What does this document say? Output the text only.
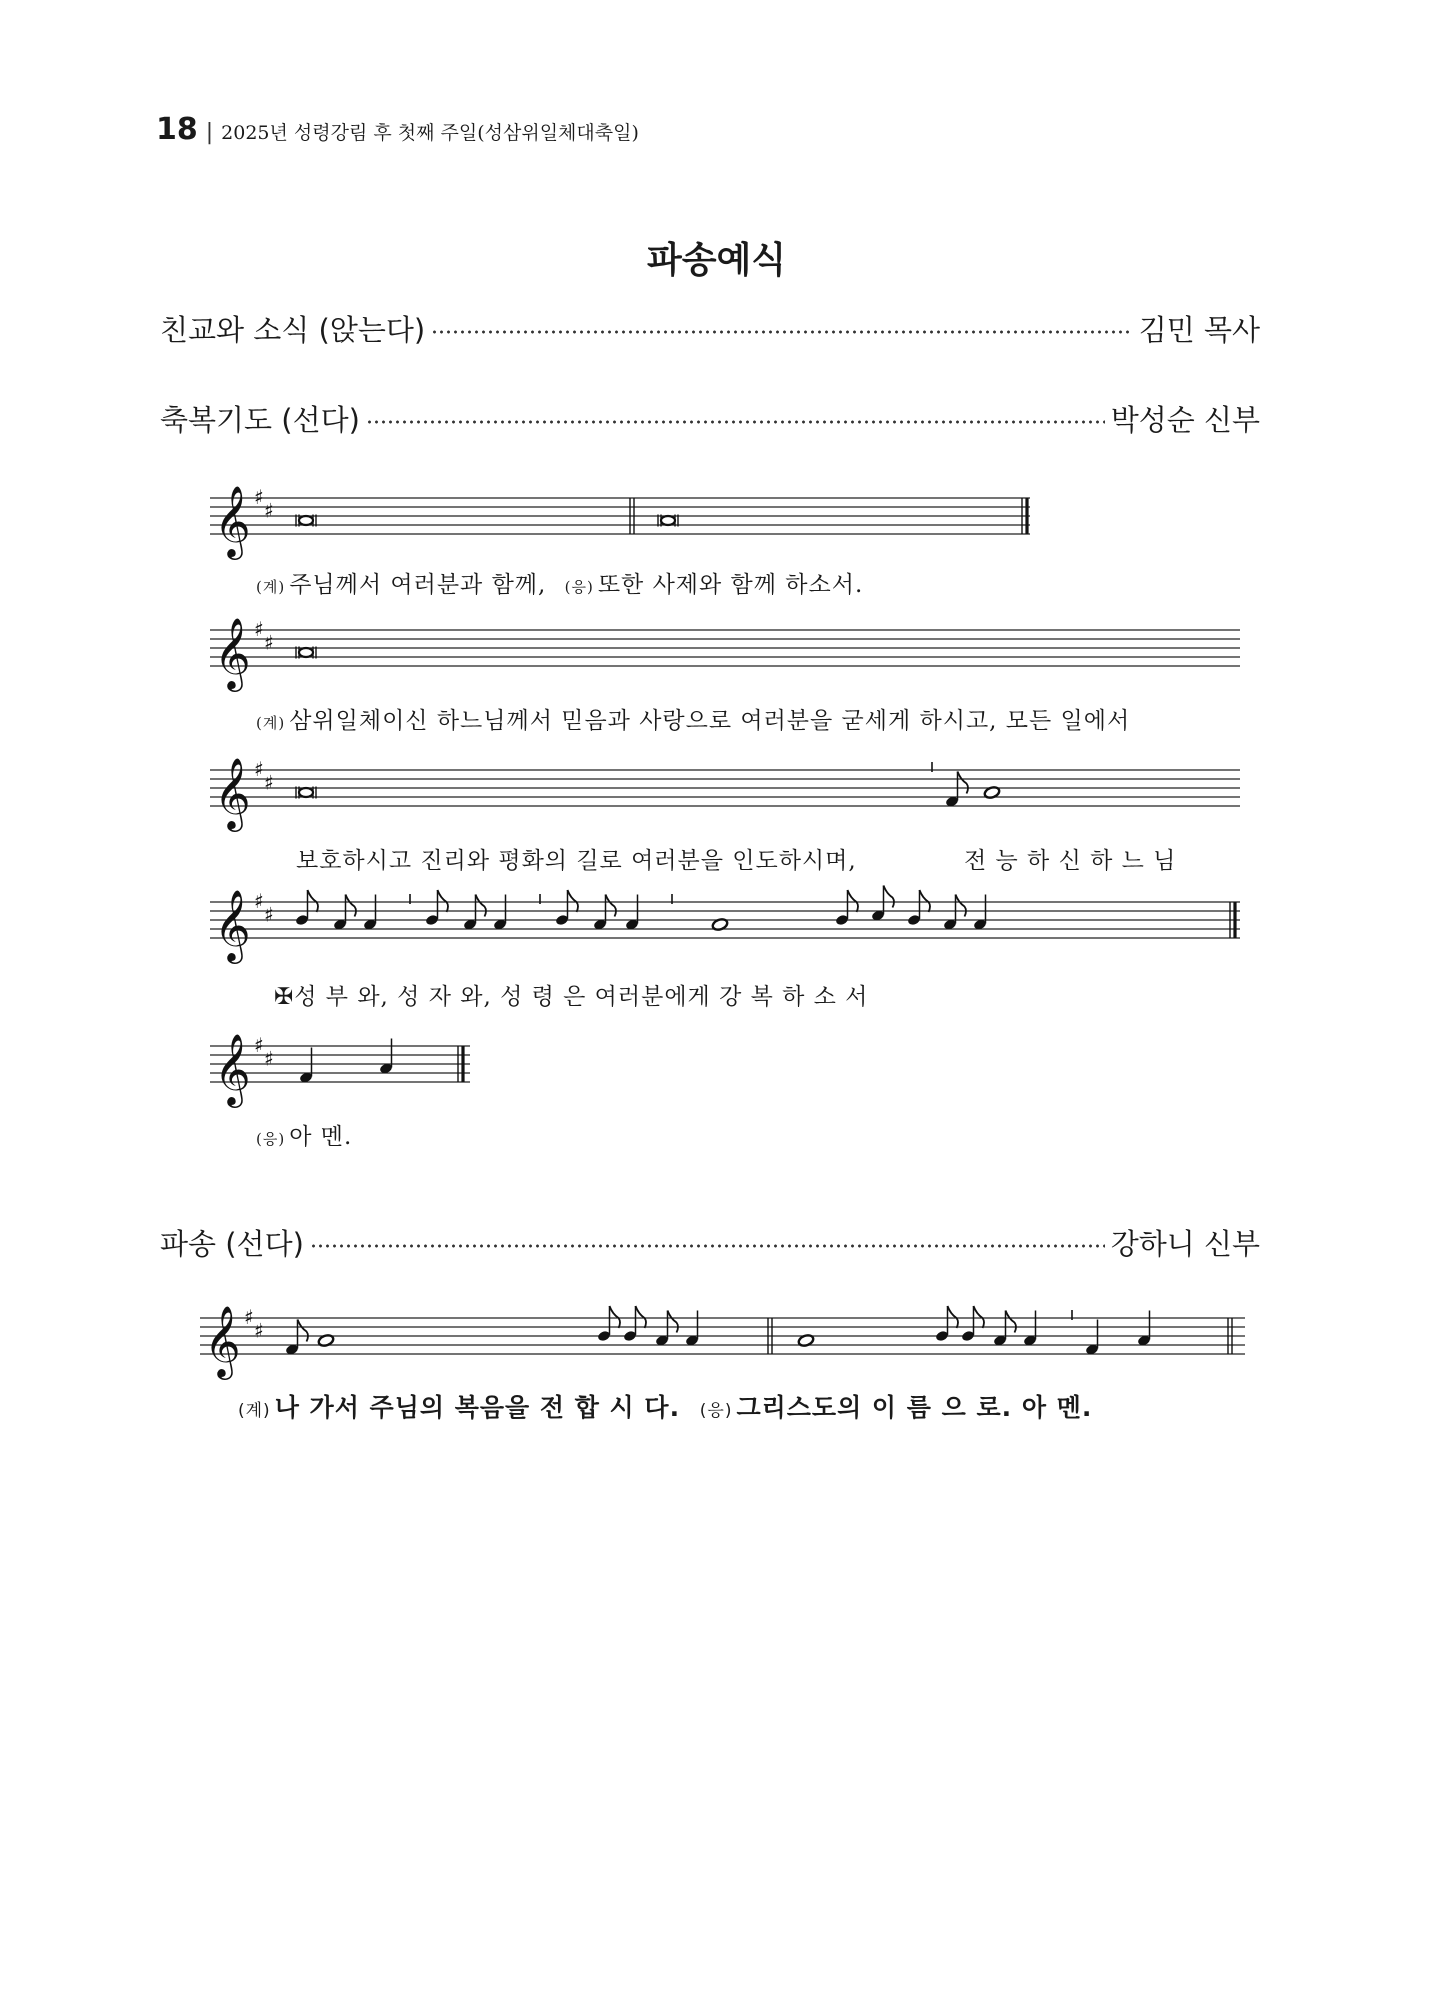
18 | 2025년 성령강림 후 첫째 주일(성삼위일체대축일)
파송예식
친교와 소식 (앉는다)	김민 목사
축복기도 (선다)	박성순 신부
𝄞 ♯
♯
(계) 주님께서 여러분과 함께, (응) 또한 사제와 함께 하소서.
𝄞 ♯
♯
(계) 삼위일체이신 하느님께서 믿음과 사랑으로 여러분을 굳세게 하시고, 모든 일에서
𝄞 ♯
♯
보호하시고 진리와 평화의 길로 여러분을 인도하시며,	전 능 하 신 하 느 님
𝄞 ♯
♯
✠성 부 와, 성 자 와, 성 령 은 여러분에게 강 복 하 소 서
𝄞 ♯
♯
(응) 아 멘.
파송 (선다)	강하니 신부
𝄞 ♯
♯
(계) 나 가서 주님의 복음을 전 합 시 다. (응) 그리스도의 이 름 으 로. 아 멘.
